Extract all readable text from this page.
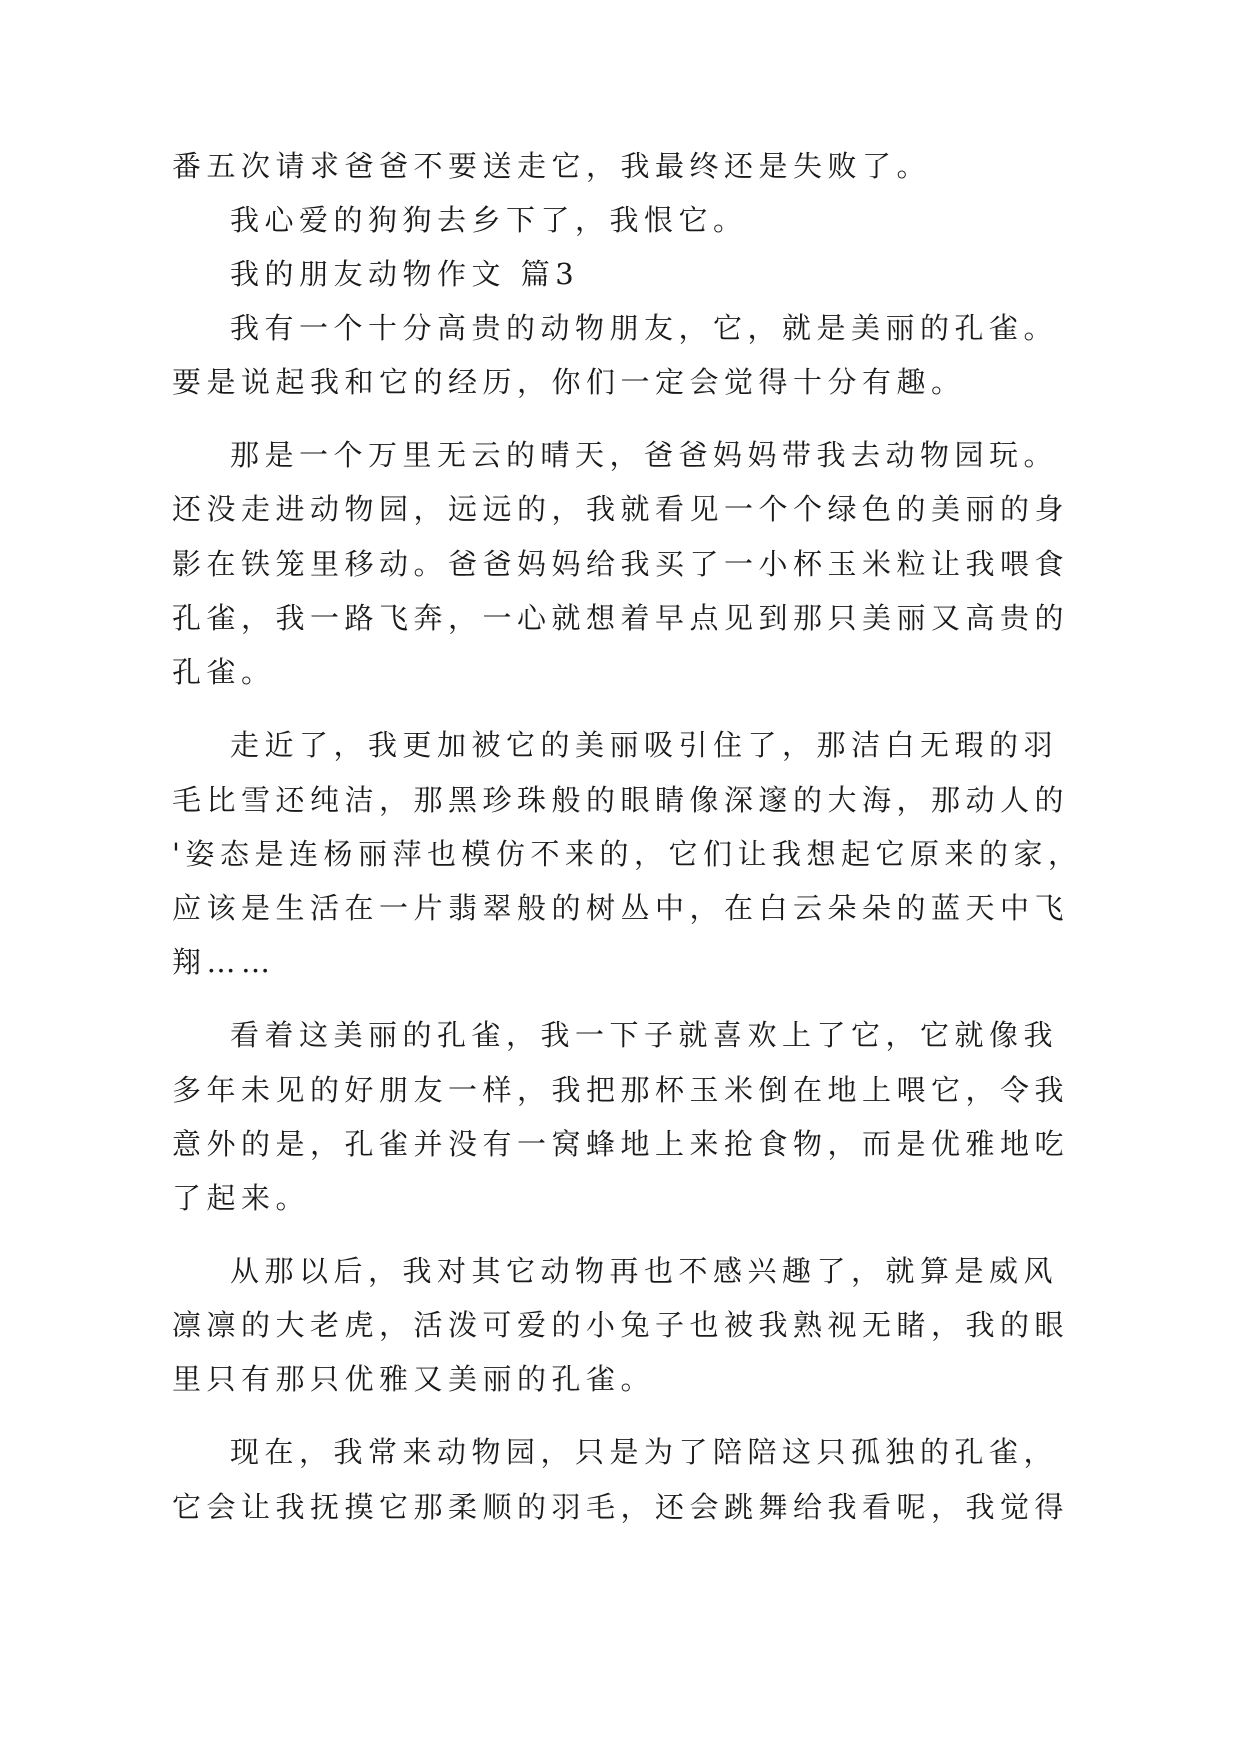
番五次请求爸爸不要送走它，我最终还是失败了。
我心爱的狗狗去乡下了，我恨它。
我的朋友动物作文 篇3
我有一个十分高贵的动物朋友，它，就是美丽的孔雀。
要是说起我和它的经历，你们一定会觉得十分有趣。
那是一个万里无云的晴天，爸爸妈妈带我去动物园玩。
还没走进动物园，远远的，我就看见一个个绿色的美丽的身
影在铁笼里移动。爸爸妈妈给我买了一小杯玉米粒让我喂食
孔雀，我一路飞奔，一心就想着早点见到那只美丽又高贵的
孔雀。
走近了，我更加被它的美丽吸引住了，那洁白无瑕的羽
毛比雪还纯洁，那黑珍珠般的眼睛像深邃的大海，那动人的
'姿态是连杨丽萍也模仿不来的，它们让我想起它原来的家，
应该是生活在一片翡翠般的树丛中，在白云朵朵的蓝天中飞
翔……
看着这美丽的孔雀，我一下子就喜欢上了它，它就像我
多年未见的好朋友一样，我把那杯玉米倒在地上喂它，令我
意外的是，孔雀并没有一窝蜂地上来抢食物，而是优雅地吃
了起来。
从那以后，我对其它动物再也不感兴趣了，就算是威风
凛凛的大老虎，活泼可爱的小兔子也被我熟视无睹，我的眼
里只有那只优雅又美丽的孔雀。
现在，我常来动物园，只是为了陪陪这只孤独的孔雀，
它会让我抚摸它那柔顺的羽毛，还会跳舞给我看呢，我觉得
